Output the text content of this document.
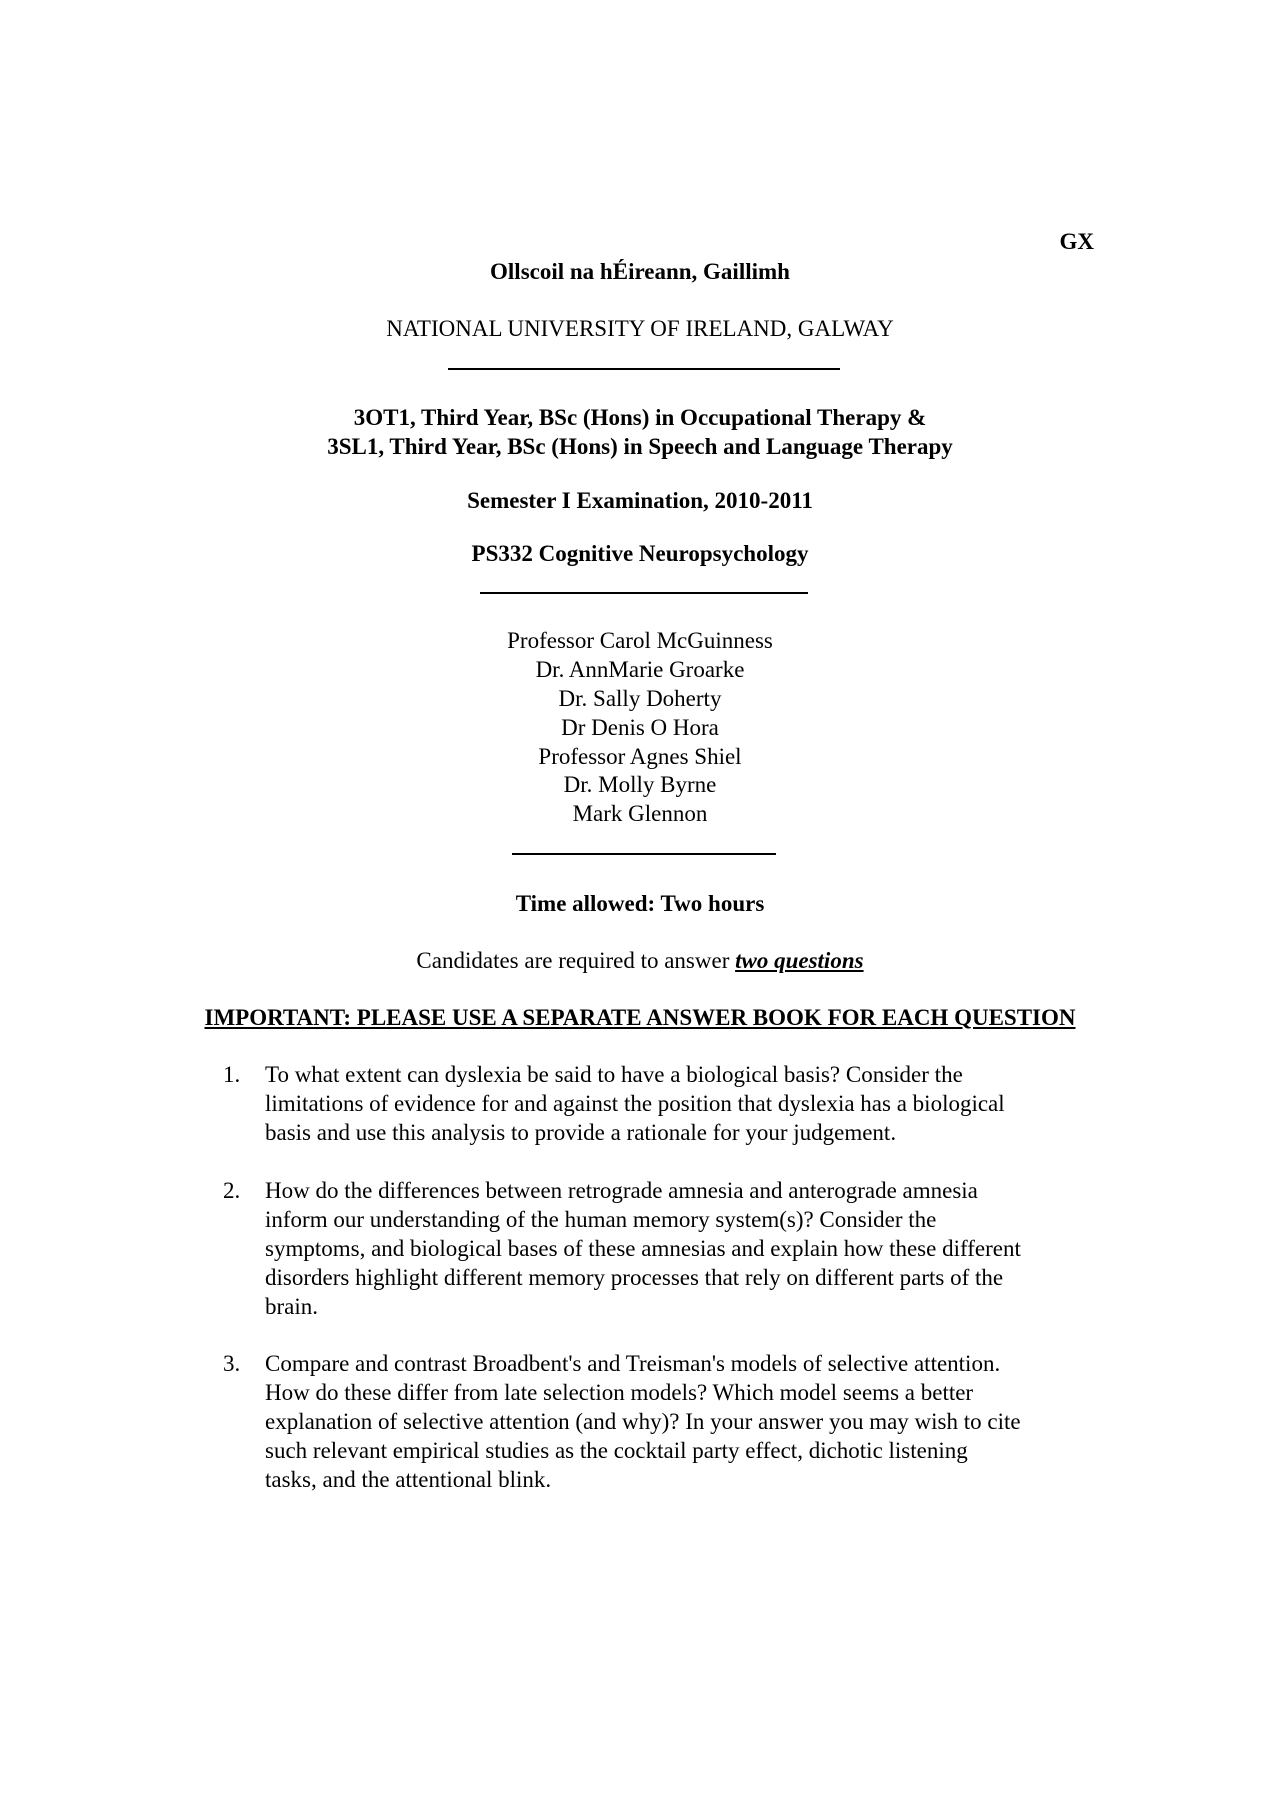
GX
Ollscoil na hÉireann, Gaillimh
NATIONAL UNIVERSITY OF IRELAND, GALWAY
3OT1, Third Year, BSc (Hons) in Occupational Therapy &
3SL1, Third Year, BSc (Hons) in Speech and Language Therapy
Semester I Examination, 2010-2011
PS332 Cognitive Neuropsychology
Professor Carol McGuinness
Dr. AnnMarie Groarke
Dr. Sally Doherty
Dr Denis O Hora
Professor Agnes Shiel
Dr. Molly Byrne
Mark Glennon
Time allowed: Two hours
Candidates are required to answer two questions
IMPORTANT: PLEASE USE A SEPARATE ANSWER BOOK FOR EACH QUESTION
1.	To what extent can dyslexia be said to have a biological basis? Consider the
limitations of evidence for and against the position that dyslexia has a biological
basis and use this analysis to provide a rationale for your judgement.
2.	How do the differences between retrograde amnesia and anterograde amnesia
inform our understanding of the human memory system(s)? Consider the
symptoms, and biological bases of these amnesias and explain how these different
disorders highlight different memory processes that rely on different parts of the
brain.
3.	Compare and contrast Broadbent's and Treisman's models of selective attention.
How do these differ from late selection models? Which model seems a better
explanation of selective attention (and why)? In your answer you may wish to cite
such relevant empirical studies as the cocktail party effect, dichotic listening
tasks, and the attentional blink.
